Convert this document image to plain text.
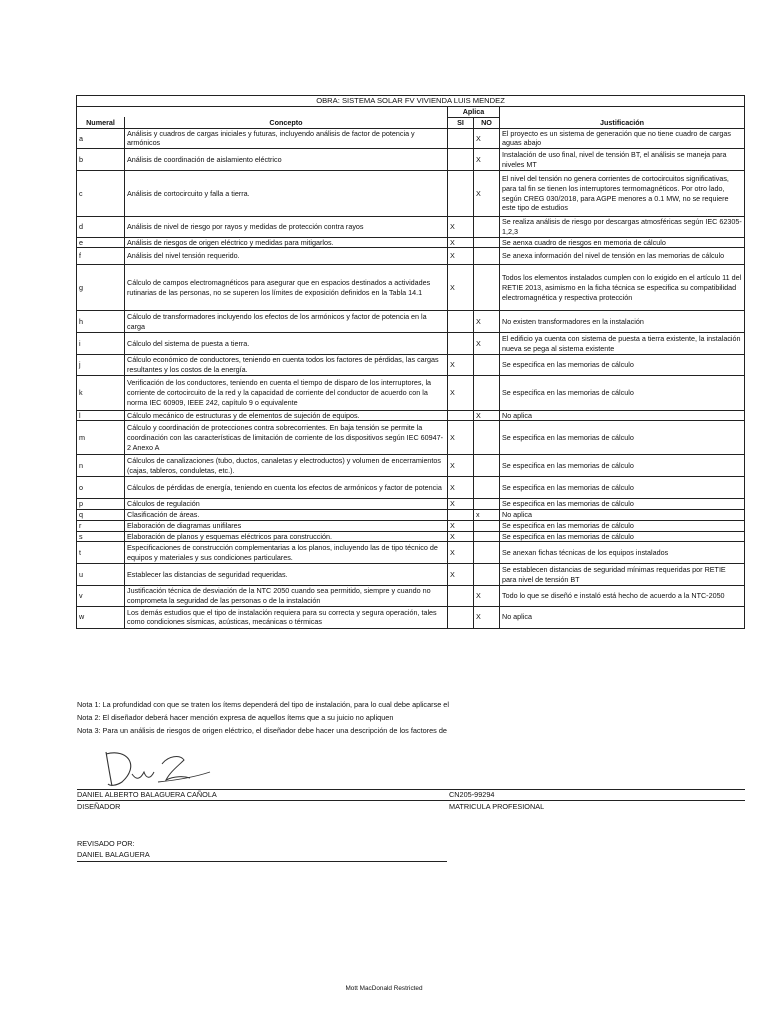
OBRA: SISTEMA SOLAR FV VIVIENDA LUIS MENDEZ				
		Aplica		
Numeral	Concepto	SI	NO	Justificación
a	Análisis y cuadros de cargas iniciales y futuras, incluyendo análisis de factor de potencia y armónicos		X	El proyecto es un sistema de generación que no tiene cuadro de cargas aguas abajo
b	Análisis de coordinación de aislamiento eléctrico		X	Instalación de uso final, nivel de tensión BT, el análisis se maneja para niveles MT
c	Análisis de cortocircuito y falla a tierra.		X	El nivel del tensión no genera corrientes de cortocircuitos significativas, para tal fin se tienen los interruptores termomagnéticos. Por otro lado, según CREG 030/2018, para AGPE menores a 0.1 MW, no se requiere este tipo de estudios
d	Análisis de nivel de riesgo por rayos y medidas de protección contra rayos	X		Se realiza análisis de riesgo por descargas atmosféricas según IEC 62305-1,2,3
e	Análisis de riesgos de origen eléctrico y medidas para mitigarlos.	X		Se aenxa cuadro de riesgos en memoria de cálculo
f	Análisis del nivel tensión requerido.	X		Se anexa información del nivel de tensión en las memorias de cálculo
g	Cálculo de campos electromagnéticos para asegurar que en espacios destinados a actividades rutinarias de las personas, no se superen los límites de exposición definidos en la Tabla 14.1	X		Todos los elementos instalados cumplen con lo exigido en el artículo 11 del RETIE 2013, asimismo en la ficha técnica se especifica su compatibilidad electromagnética y respectiva protección
h	Cálculo de transformadores incluyendo los efectos de los armónicos y factor de potencia en la carga		X	No existen transformadores en la instalación
i	Cálculo del sistema de puesta a tierra.		X	El edificio ya cuenta con sistema de puesta a tierra existente, la instalación nueva se pega al sistema existente
j	Cálculo económico de conductores, teniendo en cuenta todos los factores de pérdidas, las cargas resultantes y los costos de la energía.	X		Se especifica en las memorias de cálculo
k	Verificación de los conductores, teniendo en cuenta el tiempo de disparo de los interruptores, la corriente de cortocircuito de la red y la capacidad de corriente del conductor de acuerdo con la norma IEC 60909, IEEE 242, capítulo 9 o equivalente	X		Se especifica en las memorias de cálculo
l	Cálculo mecánico de estructuras y de elementos de sujeción de equipos.		X	No aplica
m	Cálculo y coordinación de protecciones contra sobrecorrientes. En baja tensión se permite la coordinación con las características de limitación de corriente de los dispositivos según IEC 60947-2 Anexo A	X		Se especifica en las memorias de cálculo
n	Cálculos de canalizaciones (tubo, ductos, canaletas y electroductos) y volumen de encerramientos (cajas, tableros, conduletas, etc.).	X		Se especifica en las memorias de cálculo
o	Cálculos de pérdidas de energía, teniendo en cuenta los efectos de armónicos y factor de potencia	X		Se especifica en las memorias de cálculo
p	Cálculos de regulación	X		Se especifica en las memorias de cálculo
q	Clasificación de áreas.		x	No aplica
r	Elaboración de diagramas unifilares	X		Se especifica en las memorias de cálculo
s	Elaboración de planos y esquemas eléctricos para construcción.	X		Se especifica en las memorias de cálculo
t	Especificaciones de construcción complementarias a los planos, incluyendo las de tipo técnico de equipos y materiales y sus condiciones particulares.	X		Se anexan fichas técnicas de los equipos instalados
u	Establecer las distancias de seguridad requeridas.	X		Se establecen distancias de seguridad mínimas requeridas por RETIE para nivel de tensión BT
v	Justificación técnica de desviación de la NTC 2050 cuando sea permitido, siempre y cuando no comprometa la seguridad de las personas o de la instalación		X	Todo lo que se diseñó e instaló está hecho de acuerdo a la NTC-2050
w	Los demás estudios que el tipo de instalación requiera para su correcta y segura operación, tales como condiciones sísmicas, acústicas, mecánicas o térmicas		X	No aplica
Nota 1: La profundidad con que se traten los ítems dependerá del tipo de instalación, para lo cual debe aplicarse el
Nota 2: El diseñador deberá hacer mención expresa de aquellos ítems que a su juicio no apliquen
Nota 3: Para un análisis de riesgos de origen eléctrico, el diseñador debe hacer una descripción de los factores de
DANIEL ALBERTO BALAGUERA CAÑOLA
DISEÑADOR
CN205-99294
MATRICULA PROFESIONAL
REVISADO POR:
DANIEL BALAGUERA
Mott MacDonald Restricted
